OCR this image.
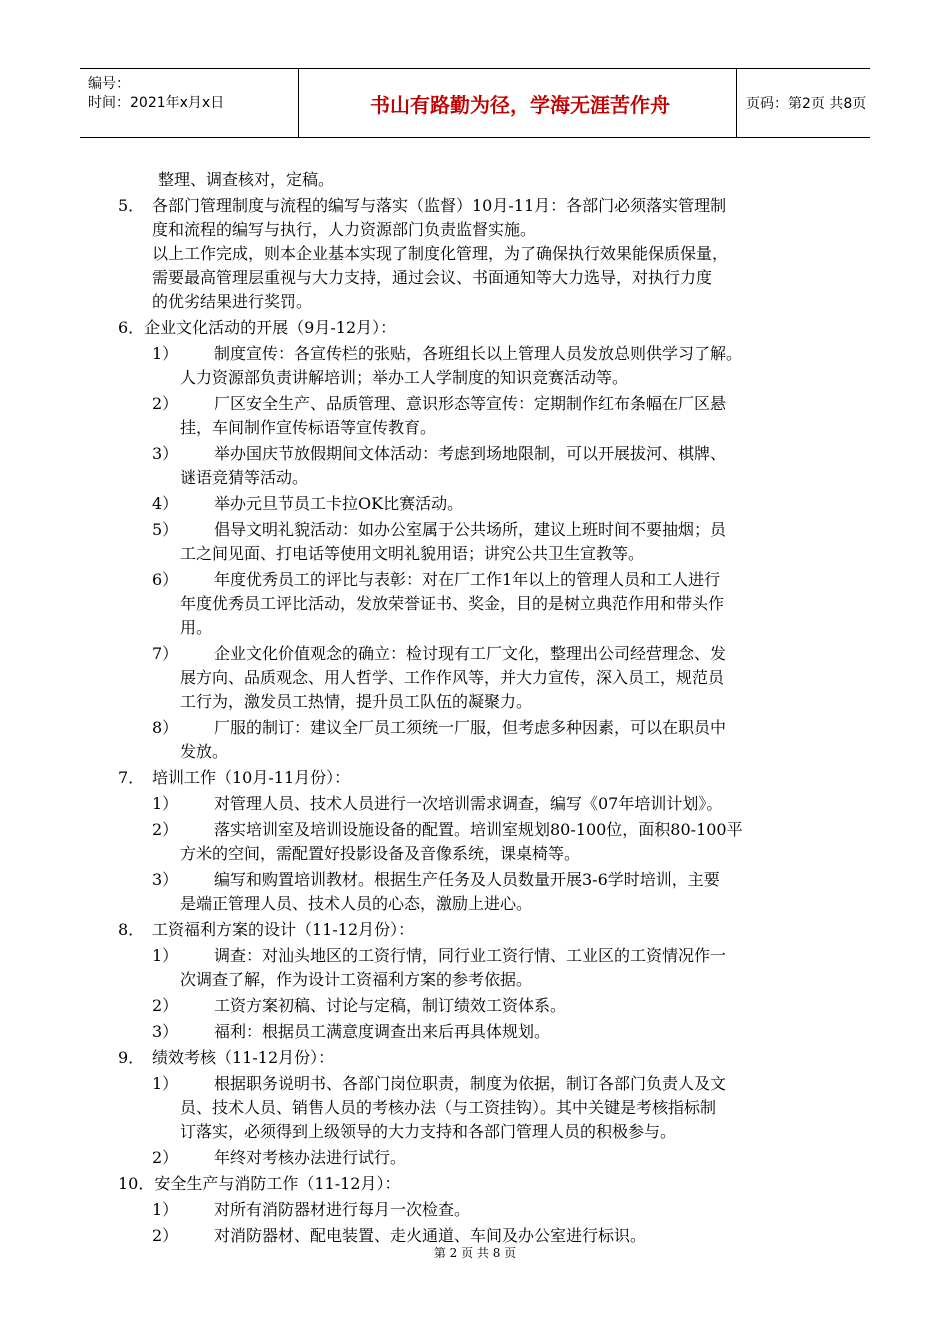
编号：
时间：2021年x月x日	书山有路勤为径，学海无涯苦作舟	页码：第2页 共8页
整理、调查核对，定稿。
5． 各部门管理制度与流程的编写与落实（监督）10月-11月：各部门必须落实管理制
度和流程的编写与执行，人力资源部门负责监督实施。
以上工作完成，则本企业基本实现了制度化管理，为了确保执行效果能保质保量，
需要最高管理层重视与大力支持，通过会议、书面通知等大力选导，对执行力度
的优劣结果进行奖罚。
6．企业文化活动的开展（9月-12月）：
1） 制度宣传：各宣传栏的张贴，各班组长以上管理人员发放总则供学习了解。
人力资源部负责讲解培训；举办工人学制度的知识竞赛活动等。
2） 厂区安全生产、品质管理、意识形态等宣传：定期制作红布条幅在厂区悬
挂，车间制作宣传标语等宣传教育。
3） 举办国庆节放假期间文体活动：考虑到场地限制，可以开展拔河、棋牌、
谜语竞猜等活动。
4） 举办元旦节员工卡拉OK比赛活动。
5） 倡导文明礼貌活动：如办公室属于公共场所，建议上班时间不要抽烟；员
工之间见面、打电话等使用文明礼貌用语；讲究公共卫生宣教等。
6） 年度优秀员工的评比与表彰：对在厂工作1年以上的管理人员和工人进行
年度优秀员工评比活动，发放荣誉证书、奖金，目的是树立典范作用和带头作
用。
7） 企业文化价值观念的确立：检讨现有工厂文化，整理出公司经营理念、发
展方向、品质观念、用人哲学、工作作风等，并大力宣传，深入员工，规范员
工行为，激发员工热情，提升员工队伍的凝聚力。
8） 厂服的制订：建议全厂员工须统一厂服，但考虑多种因素，可以在职员中
发放。
7． 培训工作（10月-11月份）：
1） 对管理人员、技术人员进行一次培训需求调查，编写《07年培训计划》。
2） 落实培训室及培训设施设备的配置。培训室规划80-100位，面积80-100平
方米的空间，需配置好投影设备及音像系统，课桌椅等。
3） 编写和购置培训教材。根据生产任务及人员数量开展3-6学时培训，主要
是端正管理人员、技术人员的心态，激励上进心。
8． 工资福利方案的设计（11-12月份）：
1） 调查：对汕头地区的工资行情，同行业工资行情、工业区的工资情况作一
次调查了解，作为设计工资福利方案的参考依据。
2） 工资方案初稿、讨论与定稿，制订绩效工资体系。
3） 福利：根据员工满意度调查出来后再具体规划。
9． 绩效考核（11-12月份）：
1） 根据职务说明书、各部门岗位职责，制度为依据，制订各部门负责人及文
员、技术人员、销售人员的考核办法（与工资挂钩）。其中关键是考核指标制
订落实，必须得到上级领导的大力支持和各部门管理人员的积极参与。
2） 年终对考核办法进行试行。
10．安全生产与消防工作（11-12月）：
1） 对所有消防器材进行每月一次检查。
2） 对消防器材、配电装置、走火通道、车间及办公室进行标识。
第 2 页 共 8 页
